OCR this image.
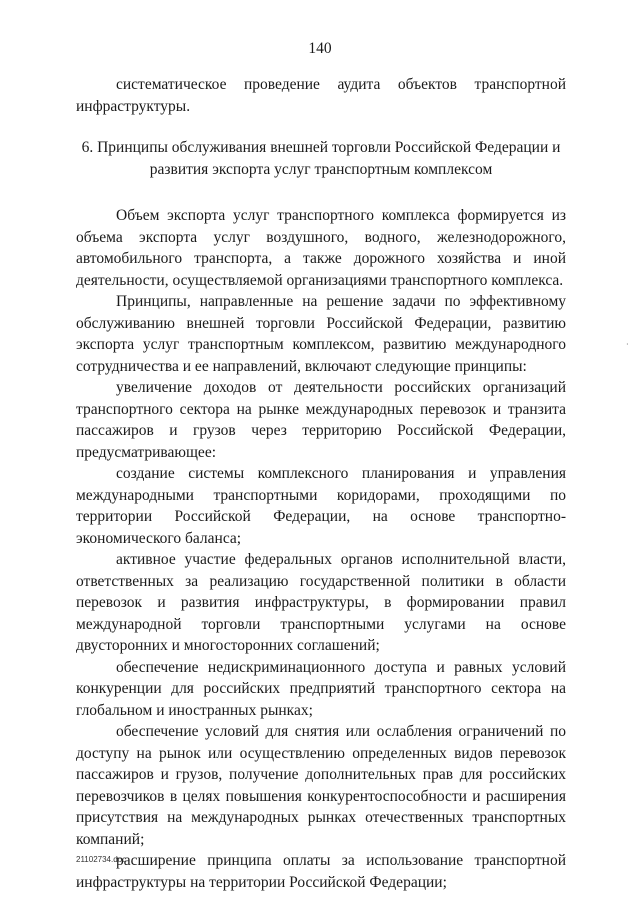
140

систематическое проведение аудита объектов транспортной инфраструктуры.

6. Принципы обслуживания внешней торговли Российской Федерации и развития экспорта услуг транспортным комплексом

Объем экспорта услуг транспортного комплекса формируется из объема экспорта услуг воздушного, водного, железнодорожного, автомобильного транспорта, а также дорожного хозяйства и иной деятельности, осуществляемой организациями транспортного комплекса.

Принципы, направленные на решение задачи по эффективному обслуживанию внешней торговли Российской Федерации, развитию экспорта услуг транспортным комплексом, развитию международного сотрудничества и ее направлений, включают следующие принципы:

увеличение доходов от деятельности российских организаций транспортного сектора на рынке международных перевозок и транзита пассажиров и грузов через территорию Российской Федерации, предусматривающее:

создание системы комплексного планирования и управления международными транспортными коридорами, проходящими по территории Российской Федерации, на основе транспортно-экономического баланса;

активное участие федеральных органов исполнительной власти, ответственных за реализацию государственной политики в области перевозок и развития инфраструктуры, в формировании правил международной торговли транспортными услугами на основе двусторонних и многосторонних соглашений;

обеспечение недискриминационного доступа и равных условий конкуренции для российских предприятий транспортного сектора на глобальном и иностранных рынках;

обеспечение условий для снятия или ослабления ограничений по доступу на рынок или осуществлению определенных видов перевозок пассажиров и грузов, получение дополнительных прав для российских перевозчиков в целях повышения конкурентоспособности и расширения присутствия на международных рынках отечественных транспортных компаний;

расширение принципа оплаты за использование транспортной инфраструктуры на территории Российской Федерации;

·
21102734.doc
